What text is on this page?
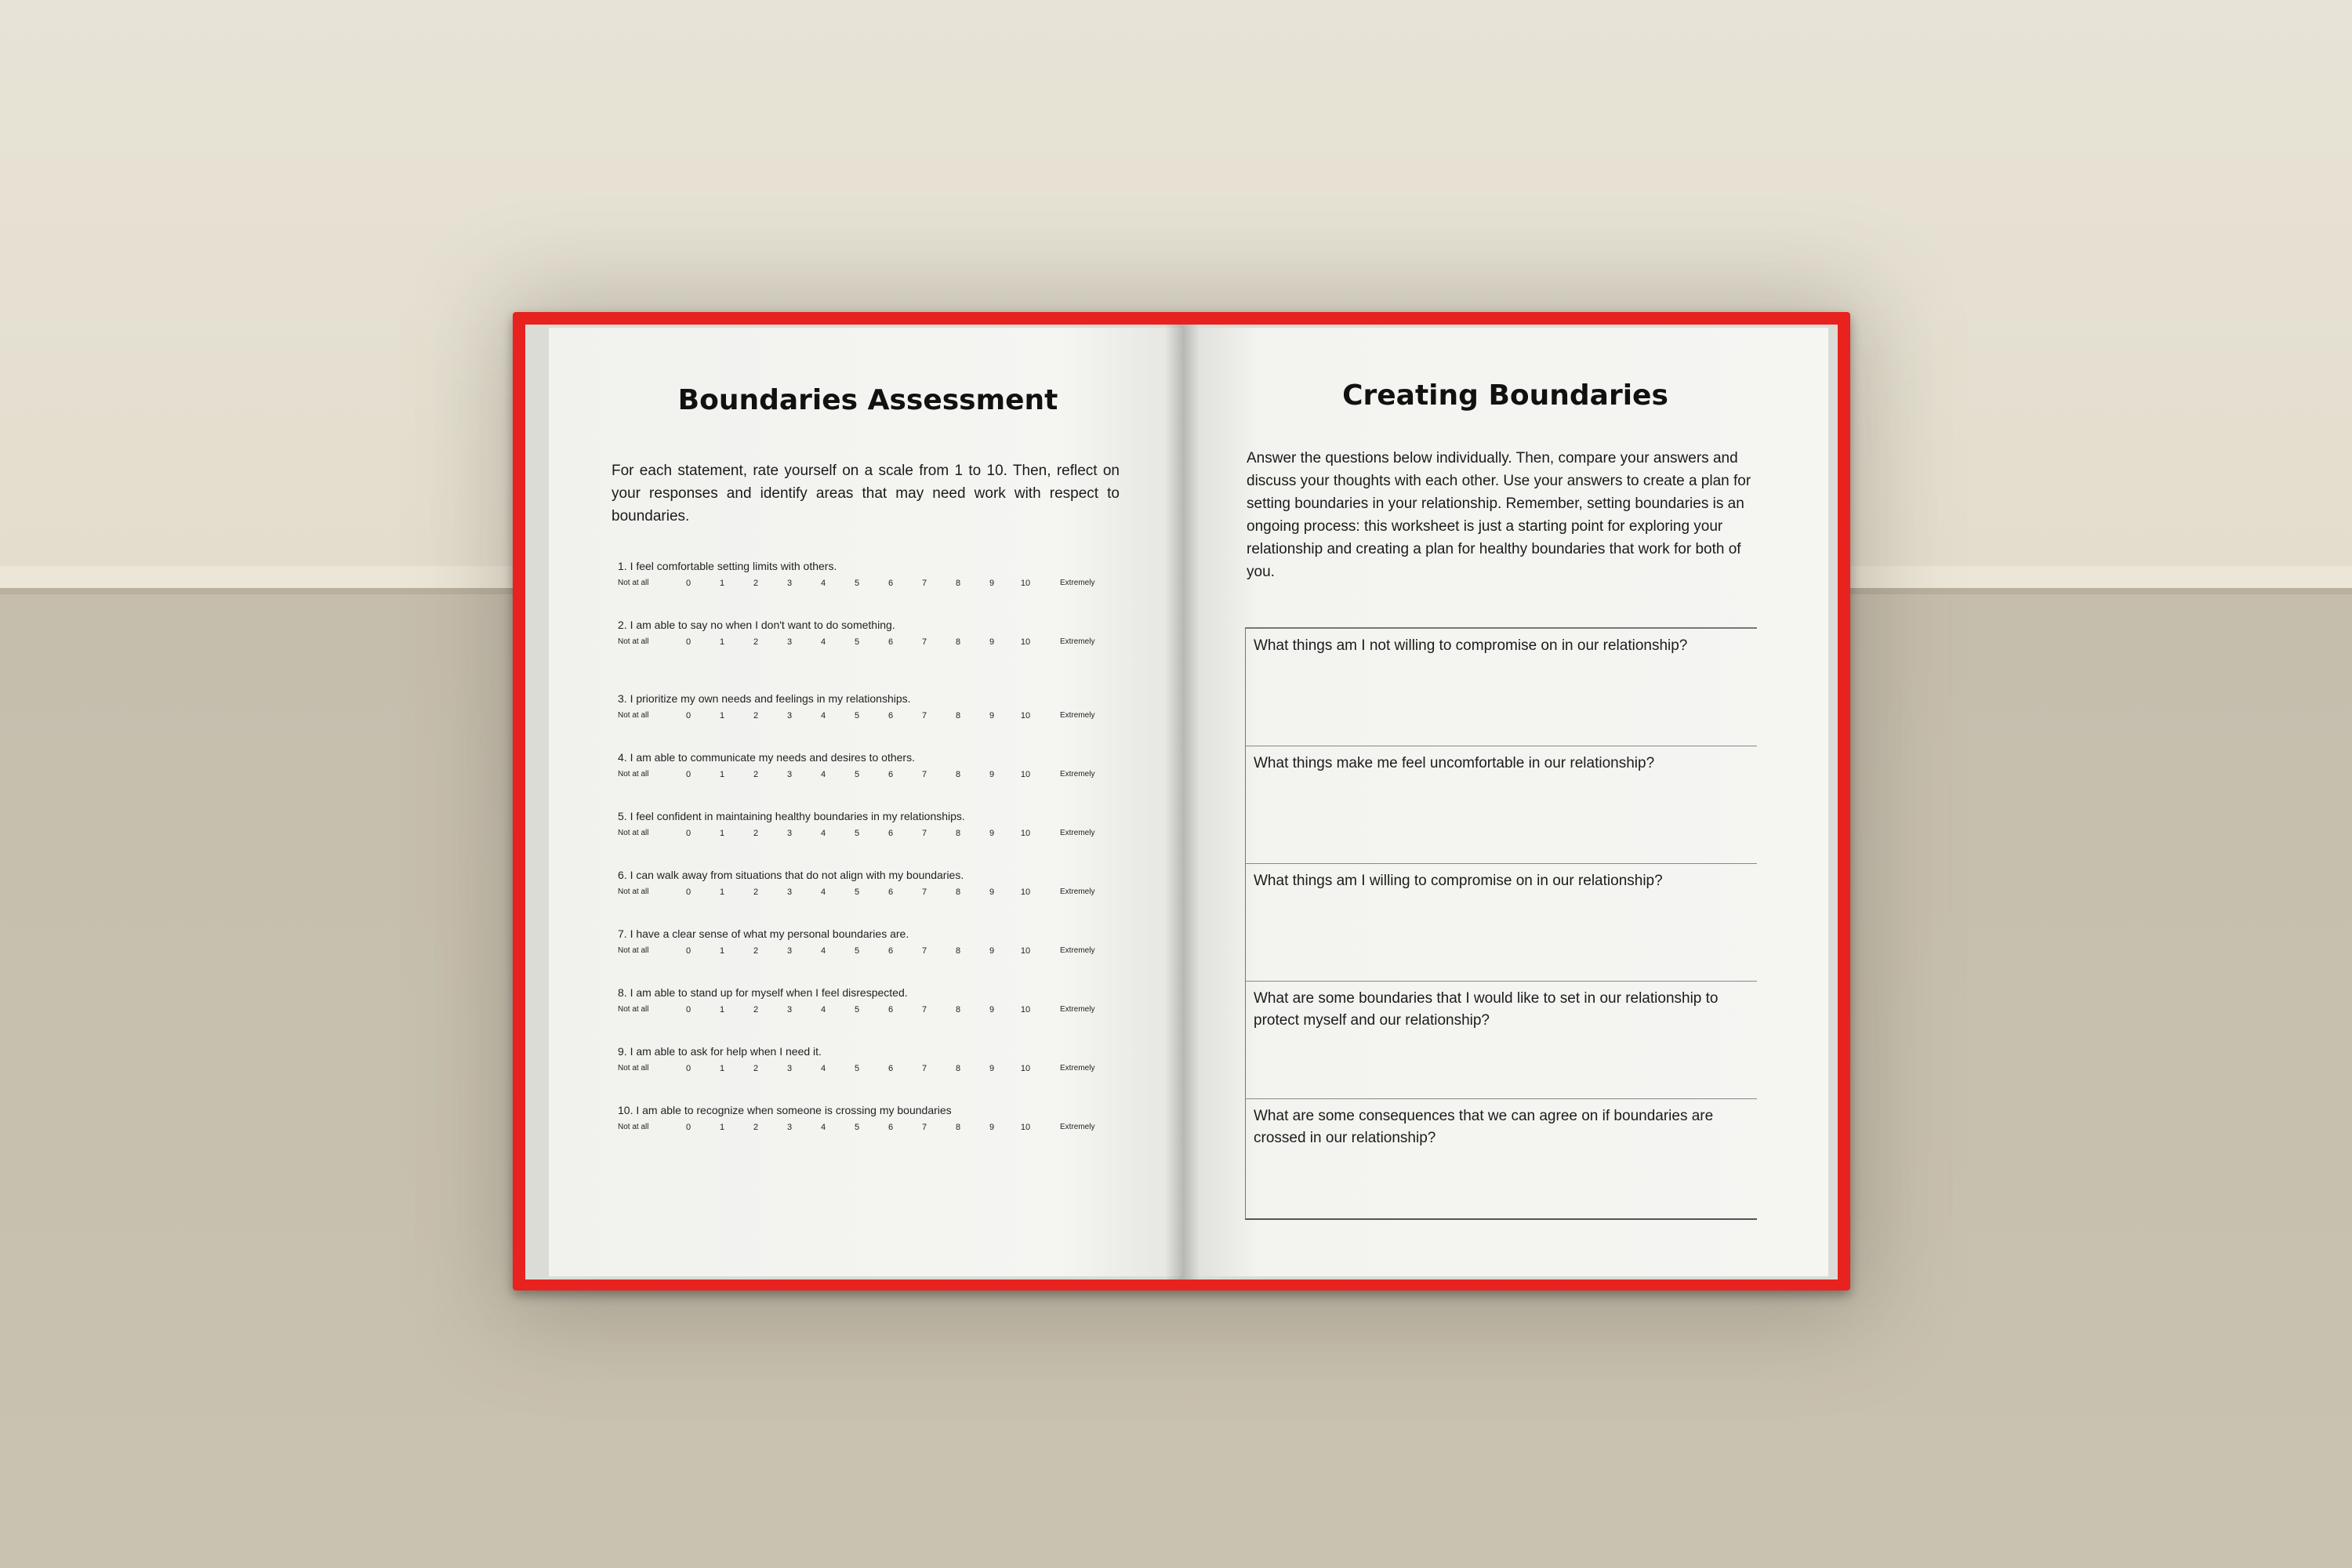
Boundaries Assessment
For each statement, rate yourself on a scale from 1 to 10. Then, reflect on your responses and identify areas that may need work with respect to boundaries.
1. I feel comfortable setting limits with others.
Not at all	0	1	2	3	4	5	6	7	8	9	10	Extremely
2. I am able to say no when I don't want to do something.
Not at all	0	1	2	3	4	5	6	7	8	9	10	Extremely
3. I prioritize my own needs and feelings in my relationships.
Not at all	0	1	2	3	4	5	6	7	8	9	10	Extremely
4. I am able to communicate my needs and desires to others.
Not at all	0	1	2	3	4	5	6	7	8	9	10	Extremely
5. I feel confident in maintaining healthy boundaries in my relationships.
Not at all	0	1	2	3	4	5	6	7	8	9	10	Extremely
6. I can walk away from situations that do not align with my boundaries.
Not at all	0	1	2	3	4	5	6	7	8	9	10	Extremely
7. I have a clear sense of what my personal boundaries are.
Not at all	0	1	2	3	4	5	6	7	8	9	10	Extremely
8. I am able to stand up for myself when I feel disrespected.
Not at all	0	1	2	3	4	5	6	7	8	9	10	Extremely
9. I am able to ask for help when I need it.
Not at all	0	1	2	3	4	5	6	7	8	9	10	Extremely
10. I am able to recognize when someone is crossing my boundaries
Not at all	0	1	2	3	4	5	6	7	8	9	10	Extremely
Creating Boundaries
Answer the questions below individually. Then, compare your answers and discuss your thoughts with each other. Use your answers to create a plan for setting boundaries in your relationship. Remember, setting boundaries is an ongoing process: this worksheet is just a starting point for exploring your relationship and creating a plan for healthy boundaries that work for both of you.
What things am I not willing to compromise on in our relationship?
What things make me feel uncomfortable in our relationship?
What things am I willing to compromise on in our relationship?
What are some boundaries that I would like to set in our relationship to protect myself and our relationship?
What are some consequences that we can agree on if boundaries are crossed in our relationship?
